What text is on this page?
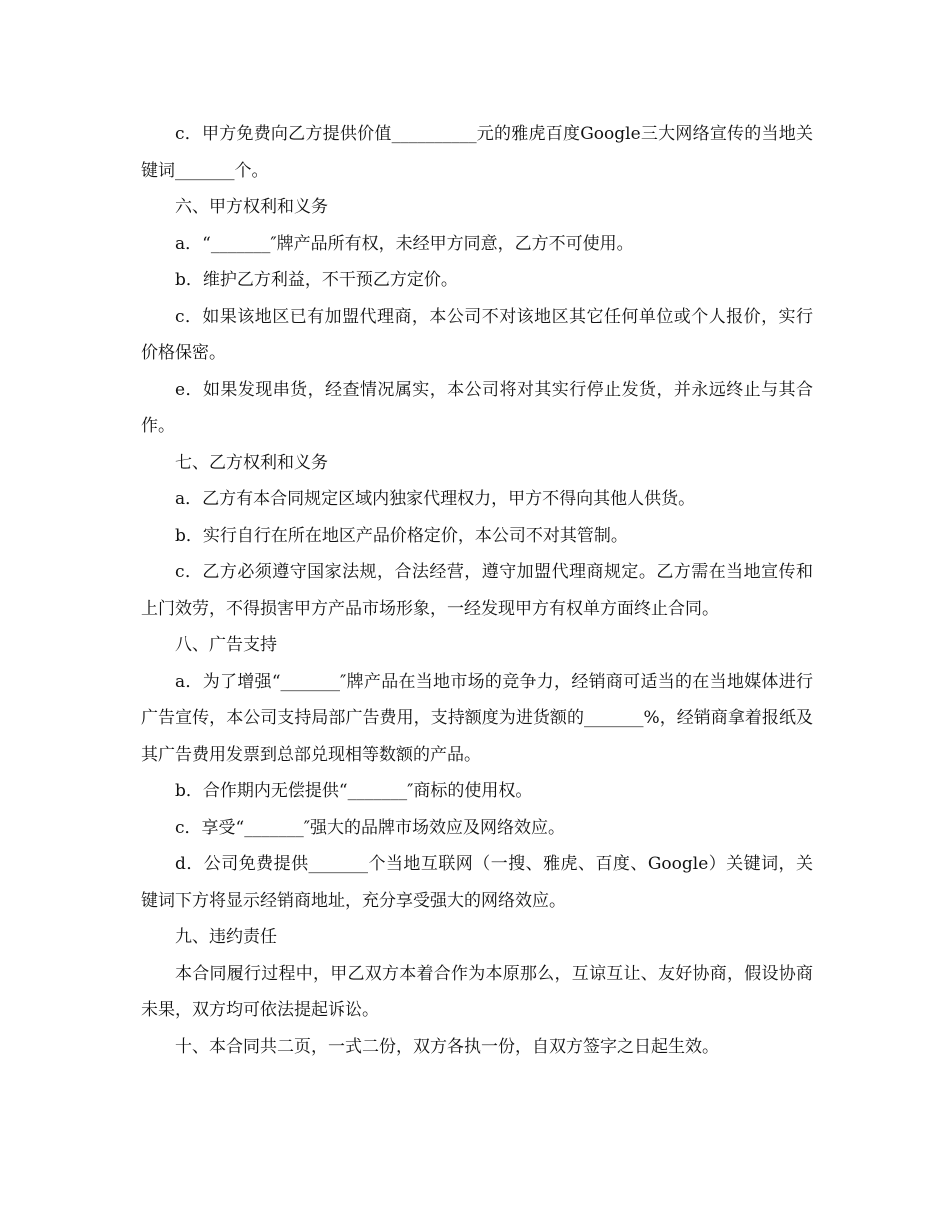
c．甲方免费向乙方提供价值__________元的雅虎百度Google三大网络宣传的当地关键词_______个。

六、甲方权利和义务

a．“_______″牌产品所有权，未经甲方同意，乙方不可使用。

b．维护乙方利益，不干预乙方定价。

c．如果该地区已有加盟代理商，本公司不对该地区其它任何单位或个人报价，实行价格保密。

e．如果发现串货，经查情况属实，本公司将对其实行停止发货，并永远终止与其合作。

七、乙方权利和义务

a．乙方有本合同规定区域内独家代理权力，甲方不得向其他人供货。

b．实行自行在所在地区产品价格定价，本公司不对其管制。

c．乙方必须遵守国家法规，合法经营，遵守加盟代理商规定。乙方需在当地宣传和上门效劳，不得损害甲方产品市场形象，一经发现甲方有权单方面终止合同。

八、广告支持

a．为了增强“_______″牌产品在当地市场的竞争力，经销商可适当的在当地媒体进行广告宣传，本公司支持局部广告费用，支持额度为进货额的_______%，经销商拿着报纸及其广告费用发票到总部兑现相等数额的产品。

b．合作期内无偿提供“_______″商标的使用权。

c．享受“_______″强大的品牌市场效应及网络效应。

d．公司免费提供_______个当地互联网（一搜、雅虎、百度、Google）关键词，关键词下方将显示经销商地址，充分享受强大的网络效应。

九、违约责任

本合同履行过程中，甲乙双方本着合作为本原那么，互谅互让、友好协商，假设协商未果，双方均可依法提起诉讼。

十、本合同共二页，一式二份，双方各执一份，自双方签字之日起生效。
